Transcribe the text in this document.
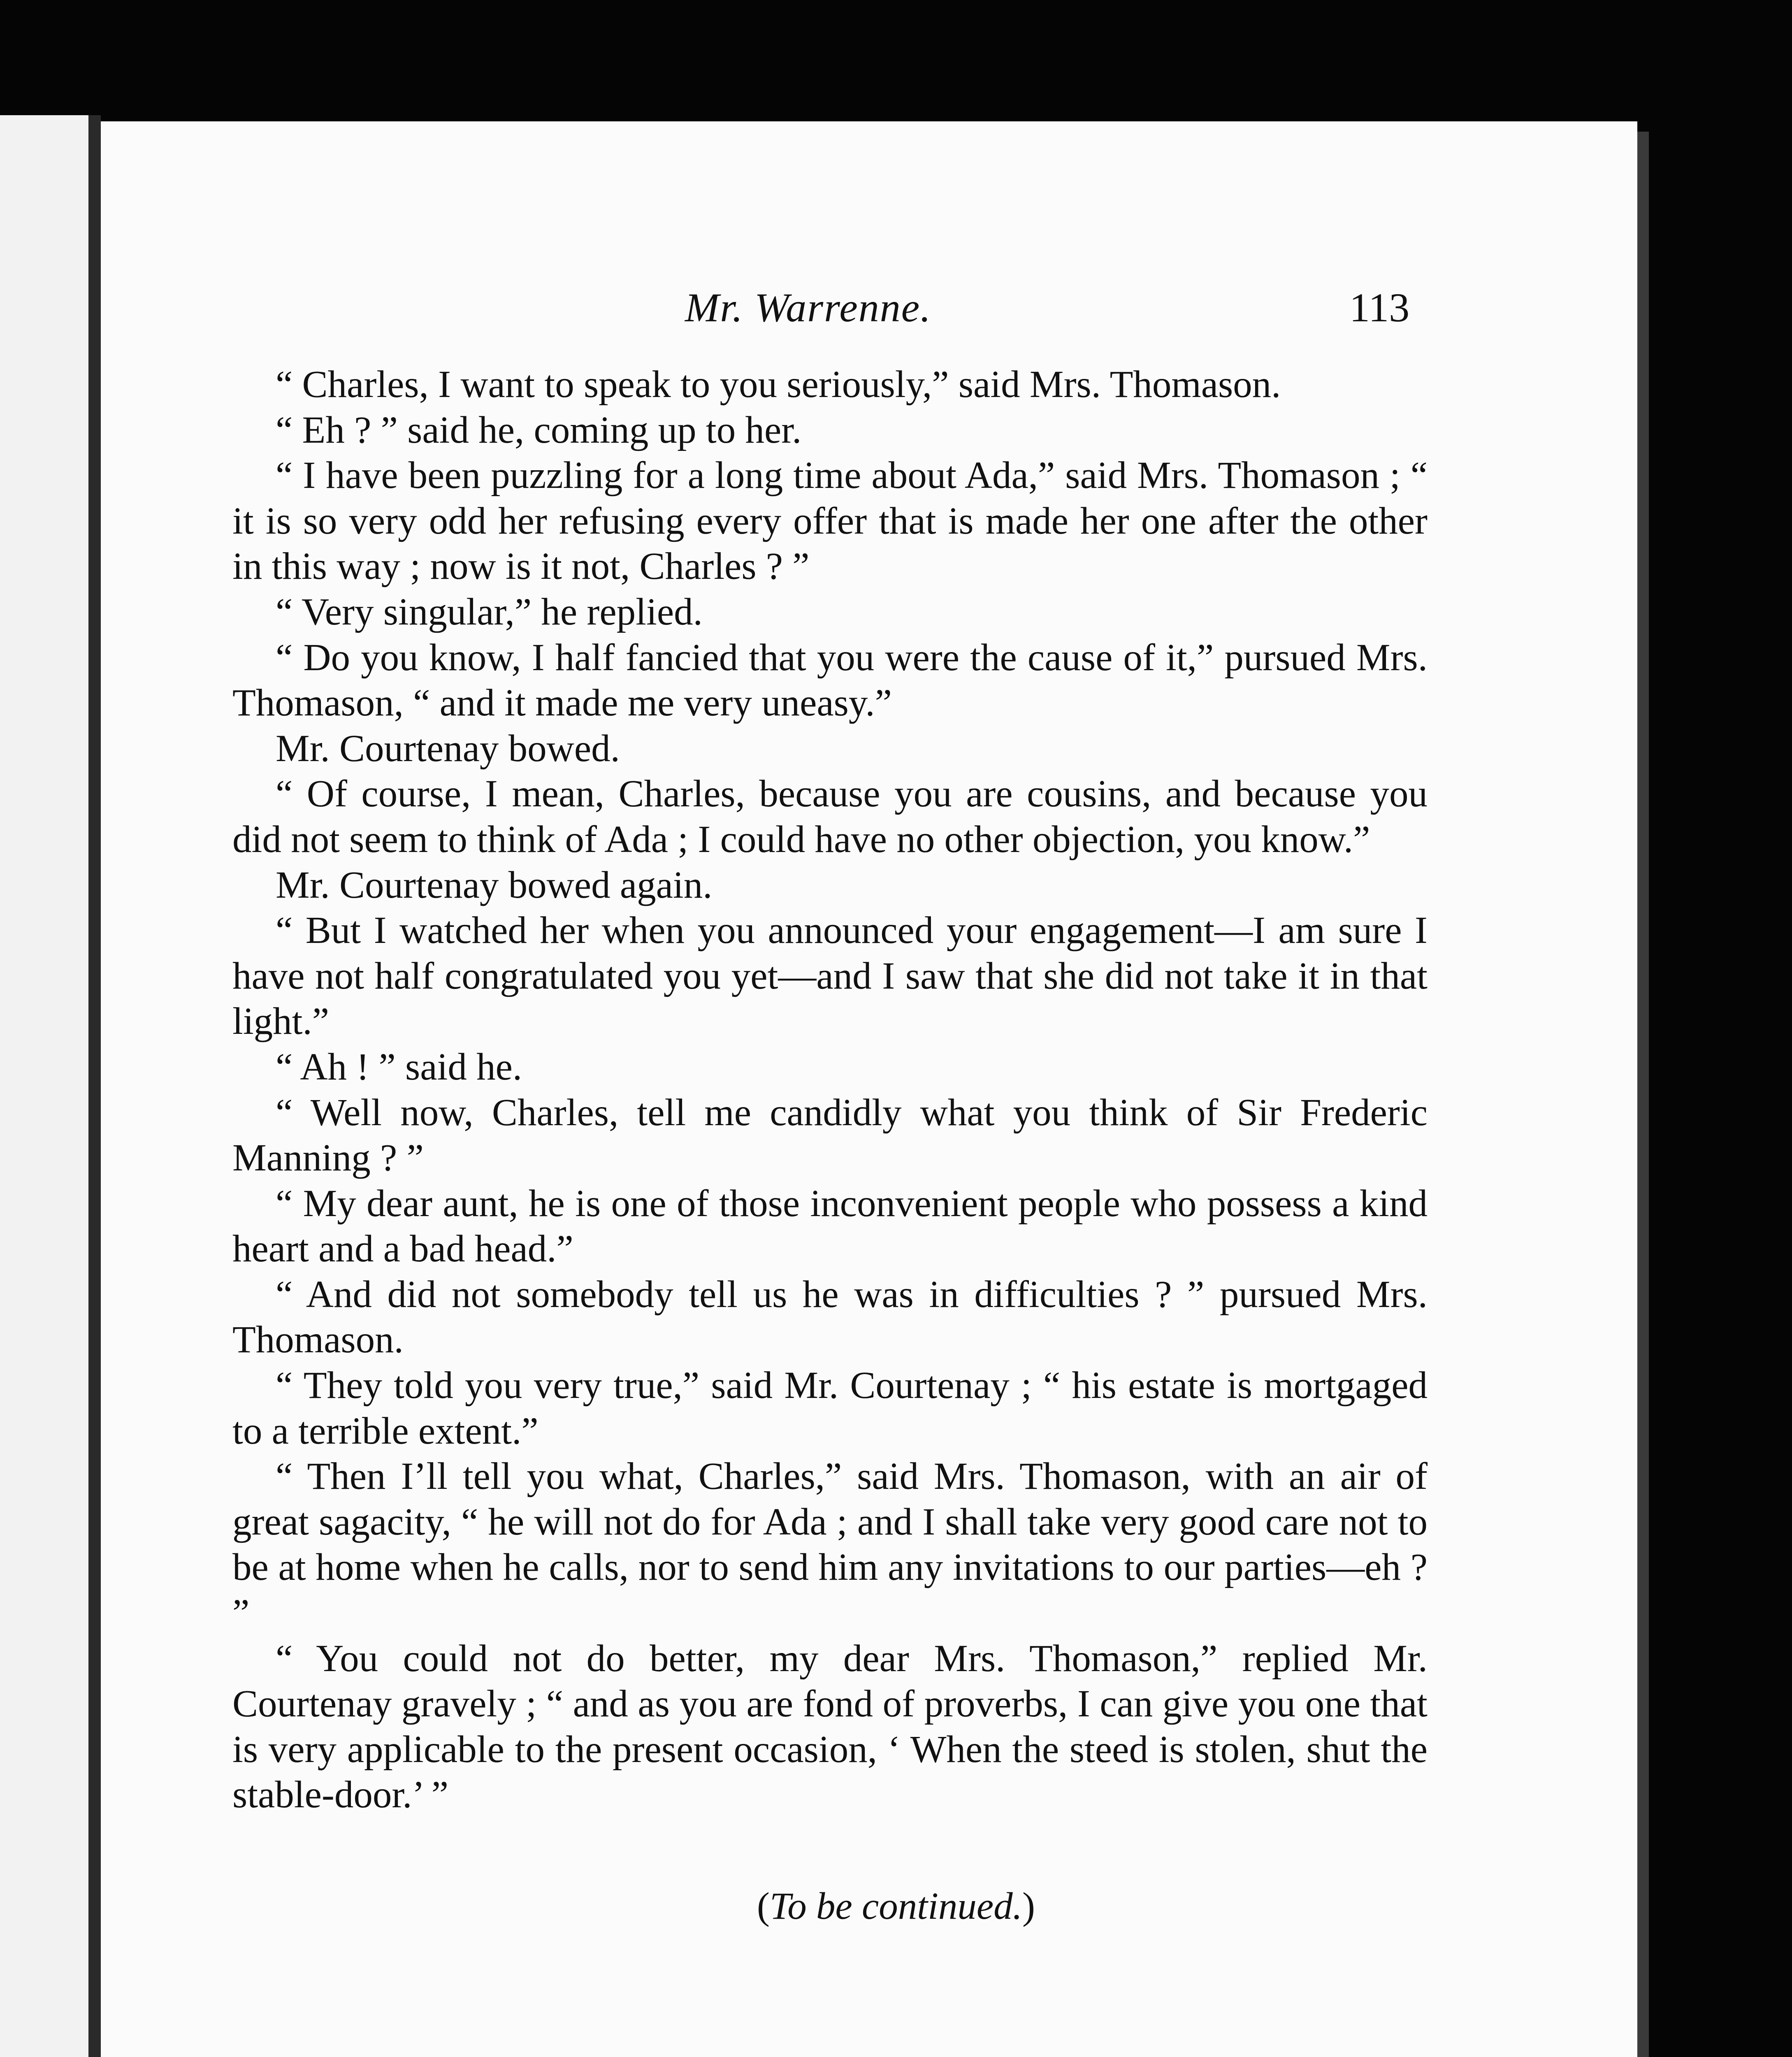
Mr. Warrenne.	113

“ Charles, I want to speak to you seriously,” said Mrs. Thomason.

“ Eh ? ” said he, coming up to her.

“ I have been puzzling for a long time about Ada,” said Mrs. Thomason ; “ it is so very odd her refusing every offer that is made her one after the other in this way ; now is it not, Charles ? ”

“ Very singular,” he replied.

“ Do you know, I half fancied that you were the cause of it,” pursued Mrs. Thomason, “ and it made me very uneasy.”

Mr. Courtenay bowed.

“ Of course, I mean, Charles, because you are cousins, and because you did not seem to think of Ada ; I could have no other objection, you know.”

Mr. Courtenay bowed again.

“ But I watched her when you announced your engagement—I am sure I have not half congratulated you yet—and I saw that she did not take it in that light.”

“ Ah ! ” said he.

“ Well now, Charles, tell me candidly what you think of Sir Frederic Manning ? ”

“ My dear aunt, he is one of those inconvenient people who possess a kind heart and a bad head.”

“ And did not somebody tell us he was in difficulties ? ” pursued Mrs. Thomason.

“ They told you very true,” said Mr. Courtenay ; “ his estate is mortgaged to a terrible extent.”

“ Then I’ll tell you what, Charles,” said Mrs. Thomason, with an air of great sagacity, “ he will not do for Ada ; and I shall take very good care not to be at home when he calls, nor to send him any invitations to our parties—eh ? ”

“ You could not do better, my dear Mrs. Thomason,” replied Mr. Courtenay gravely ; “ and as you are fond of proverbs, I can give you one that is very applicable to the present occasion, ‘ When the steed is stolen, shut the stable-door.’ ”

(To be continued.)
